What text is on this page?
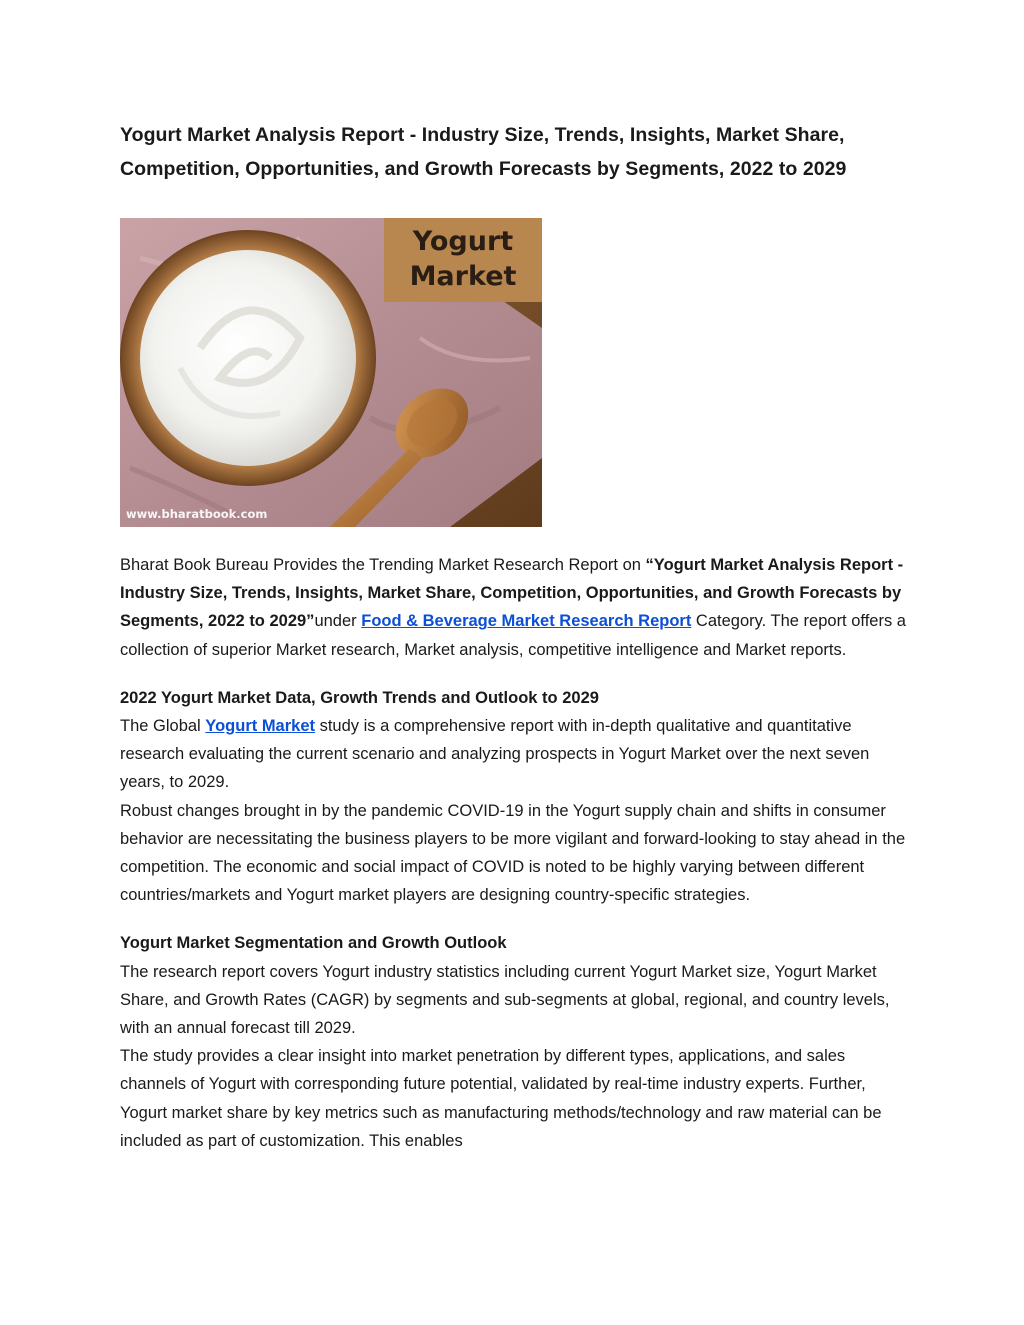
Yogurt Market Analysis Report - Industry Size, Trends, Insights, Market Share,
Competition, Opportunities, and Growth Forecasts by Segments, 2022 to 2029
Yogurt
Market
www.bharatbook.com

Bharat Book Bureau Provides the Trending Market Research Report on “Yogurt Market Analysis Report - Industry Size, Trends, Insights, Market Share, Competition, Opportunities, and Growth Forecasts by Segments, 2022 to 2029”under Food & Beverage Market Research Report Category. The report offers a collection of superior Market research, Market analysis, competitive intelligence and Market reports.

2022 Yogurt Market Data, Growth Trends and Outlook to 2029

The Global Yogurt Market study is a comprehensive report with in-depth qualitative and quantitative research evaluating the current scenario and analyzing prospects in Yogurt Market over the next seven years, to 2029.

Robust changes brought in by the pandemic COVID-19 in the Yogurt supply chain and shifts in consumer behavior are necessitating the business players to be more vigilant and forward-looking to stay ahead in the competition. The economic and social impact of COVID is noted to be highly varying between different countries/markets and Yogurt market players are designing country-specific strategies.

Yogurt Market Segmentation and Growth Outlook

The research report covers Yogurt industry statistics including current Yogurt Market size, Yogurt Market Share, and Growth Rates (CAGR) by segments and sub-segments at global, regional, and country levels, with an annual forecast till 2029.

The study provides a clear insight into market penetration by different types, applications, and sales channels of Yogurt with corresponding future potential, validated by real-time industry experts. Further, Yogurt market share by key metrics such as manufacturing methods/technology and raw material can be included as part of customization. This enables
